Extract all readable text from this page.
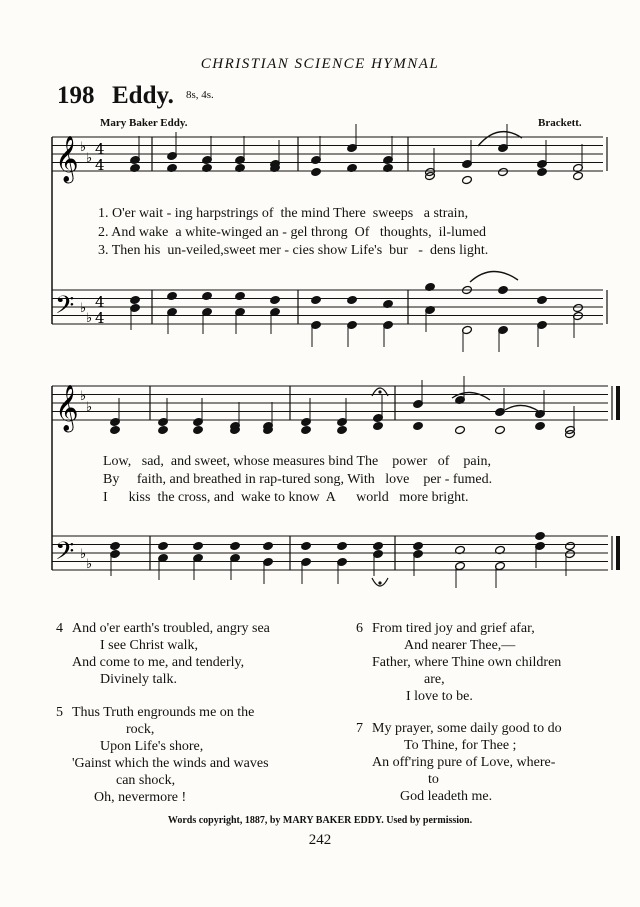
CHRISTIAN SCIENCE HYMNAL
198 Eddy. 8s, 4s.
Mary Baker Eddy.	Brackett.
𝄞
𝄢
♭
♭
♭
♭
4
4
4
4
𝄞
𝄢
♭
♭
♭
♭
1. O'er wait - ing harpstrings of  the mind There  sweeps   a strain,
2. And wake  a white-winged an - gel throng  Of   thoughts,  il-lumed
3. Then his  un-veiled,sweet mer - cies show Life's  bur   -  dens light.
Low,   sad,  and sweet, whose measures bind The    power   of    pain,
By     faith, and breathed in rap-tured song, With   love    per - fumed.
I      kiss  the cross, and  wake to know  A      world   more bright.
4 And o'er earth's troubled, angry sea
I see Christ walk,
And come to me, and tenderly,
Divinely talk.
5 Thus Truth engrounds me on the
rock,
Upon Life's shore,
'Gainst which the winds and waves
can shock,
Oh, nevermore !
6 From tired joy and grief afar,
And nearer Thee,—
Father, where Thine own children
are,
I love to be.
7 My prayer, some daily good to do
To Thine, for Thee ;
An off'ring pure of Love, where-
to
God leadeth me.
Words copyright, 1887, by MARY BAKER EDDY. Used by permission.
242
